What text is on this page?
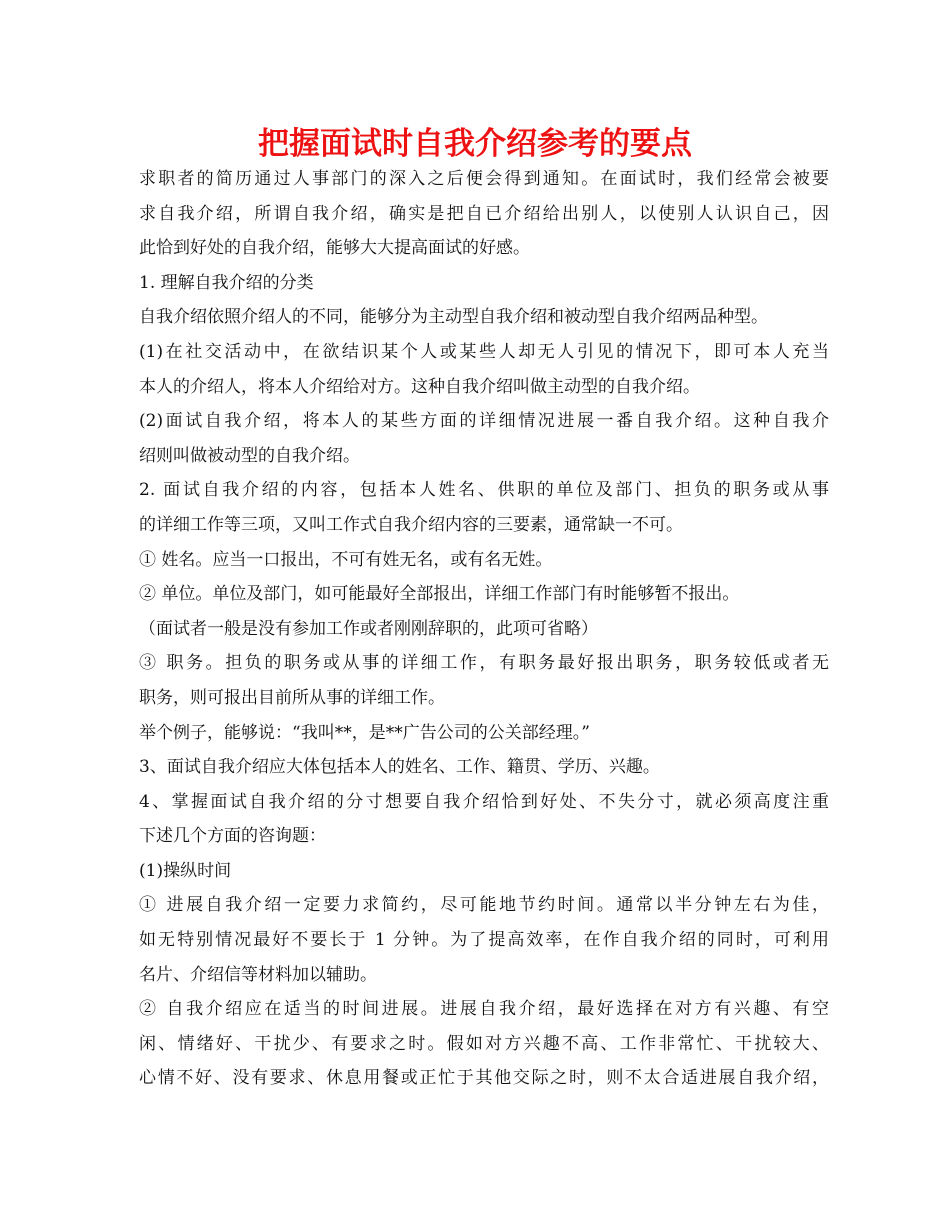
把握面试时自我介绍参考的要点
求职者的简历通过人事部门的深入之后便会得到通知。在面试时，我们经常会被要
求自我介绍，所谓自我介绍，确实是把自已介绍给出别人，以使别人认识自己，因
此恰到好处的自我介绍，能够大大提高面试的好感。
1. 理解自我介绍的分类
自我介绍依照介绍人的不同，能够分为主动型自我介绍和被动型自我介绍两品种型。
(1)在社交活动中，在欲结识某个人或某些人却无人引见的情况下，即可本人充当
本人的介绍人，将本人介绍给对方。这种自我介绍叫做主动型的自我介绍。
(2)面试自我介绍，将本人的某些方面的详细情况进展一番自我介绍。这种自我介
绍则叫做被动型的自我介绍。
2. 面试自我介绍的内容，包括本人姓名、供职的单位及部门、担负的职务或从事
的详细工作等三项，又叫工作式自我介绍内容的三要素，通常缺一不可。
① 姓名。应当一口报出，不可有姓无名，或有名无姓。
② 单位。单位及部门，如可能最好全部报出，详细工作部门有时能够暂不报出。
（面试者一般是没有参加工作或者刚刚辞职的，此项可省略）
③ 职务。担负的职务或从事的详细工作，有职务最好报出职务，职务较低或者无
职务，则可报出目前所从事的详细工作。
举个例子，能够说：“我叫**，是**广告公司的公关部经理。”
3、面试自我介绍应大体包括本人的姓名、工作、籍贯、学历、兴趣。
4、掌握面试自我介绍的分寸想要自我介绍恰到好处、不失分寸，就必须高度注重
下述几个方面的咨询题：
(1)操纵时间
① 进展自我介绍一定要力求简约，尽可能地节约时间。通常以半分钟左右为佳，
如无特别情况最好不要长于 1 分钟。为了提高效率，在作自我介绍的同时，可利用
名片、介绍信等材料加以辅助。
② 自我介绍应在适当的时间进展。进展自我介绍，最好选择在对方有兴趣、有空
闲、情绪好、干扰少、有要求之时。假如对方兴趣不高、工作非常忙、干扰较大、
心情不好、没有要求、休息用餐或正忙于其他交际之时，则不太合适进展自我介绍，
